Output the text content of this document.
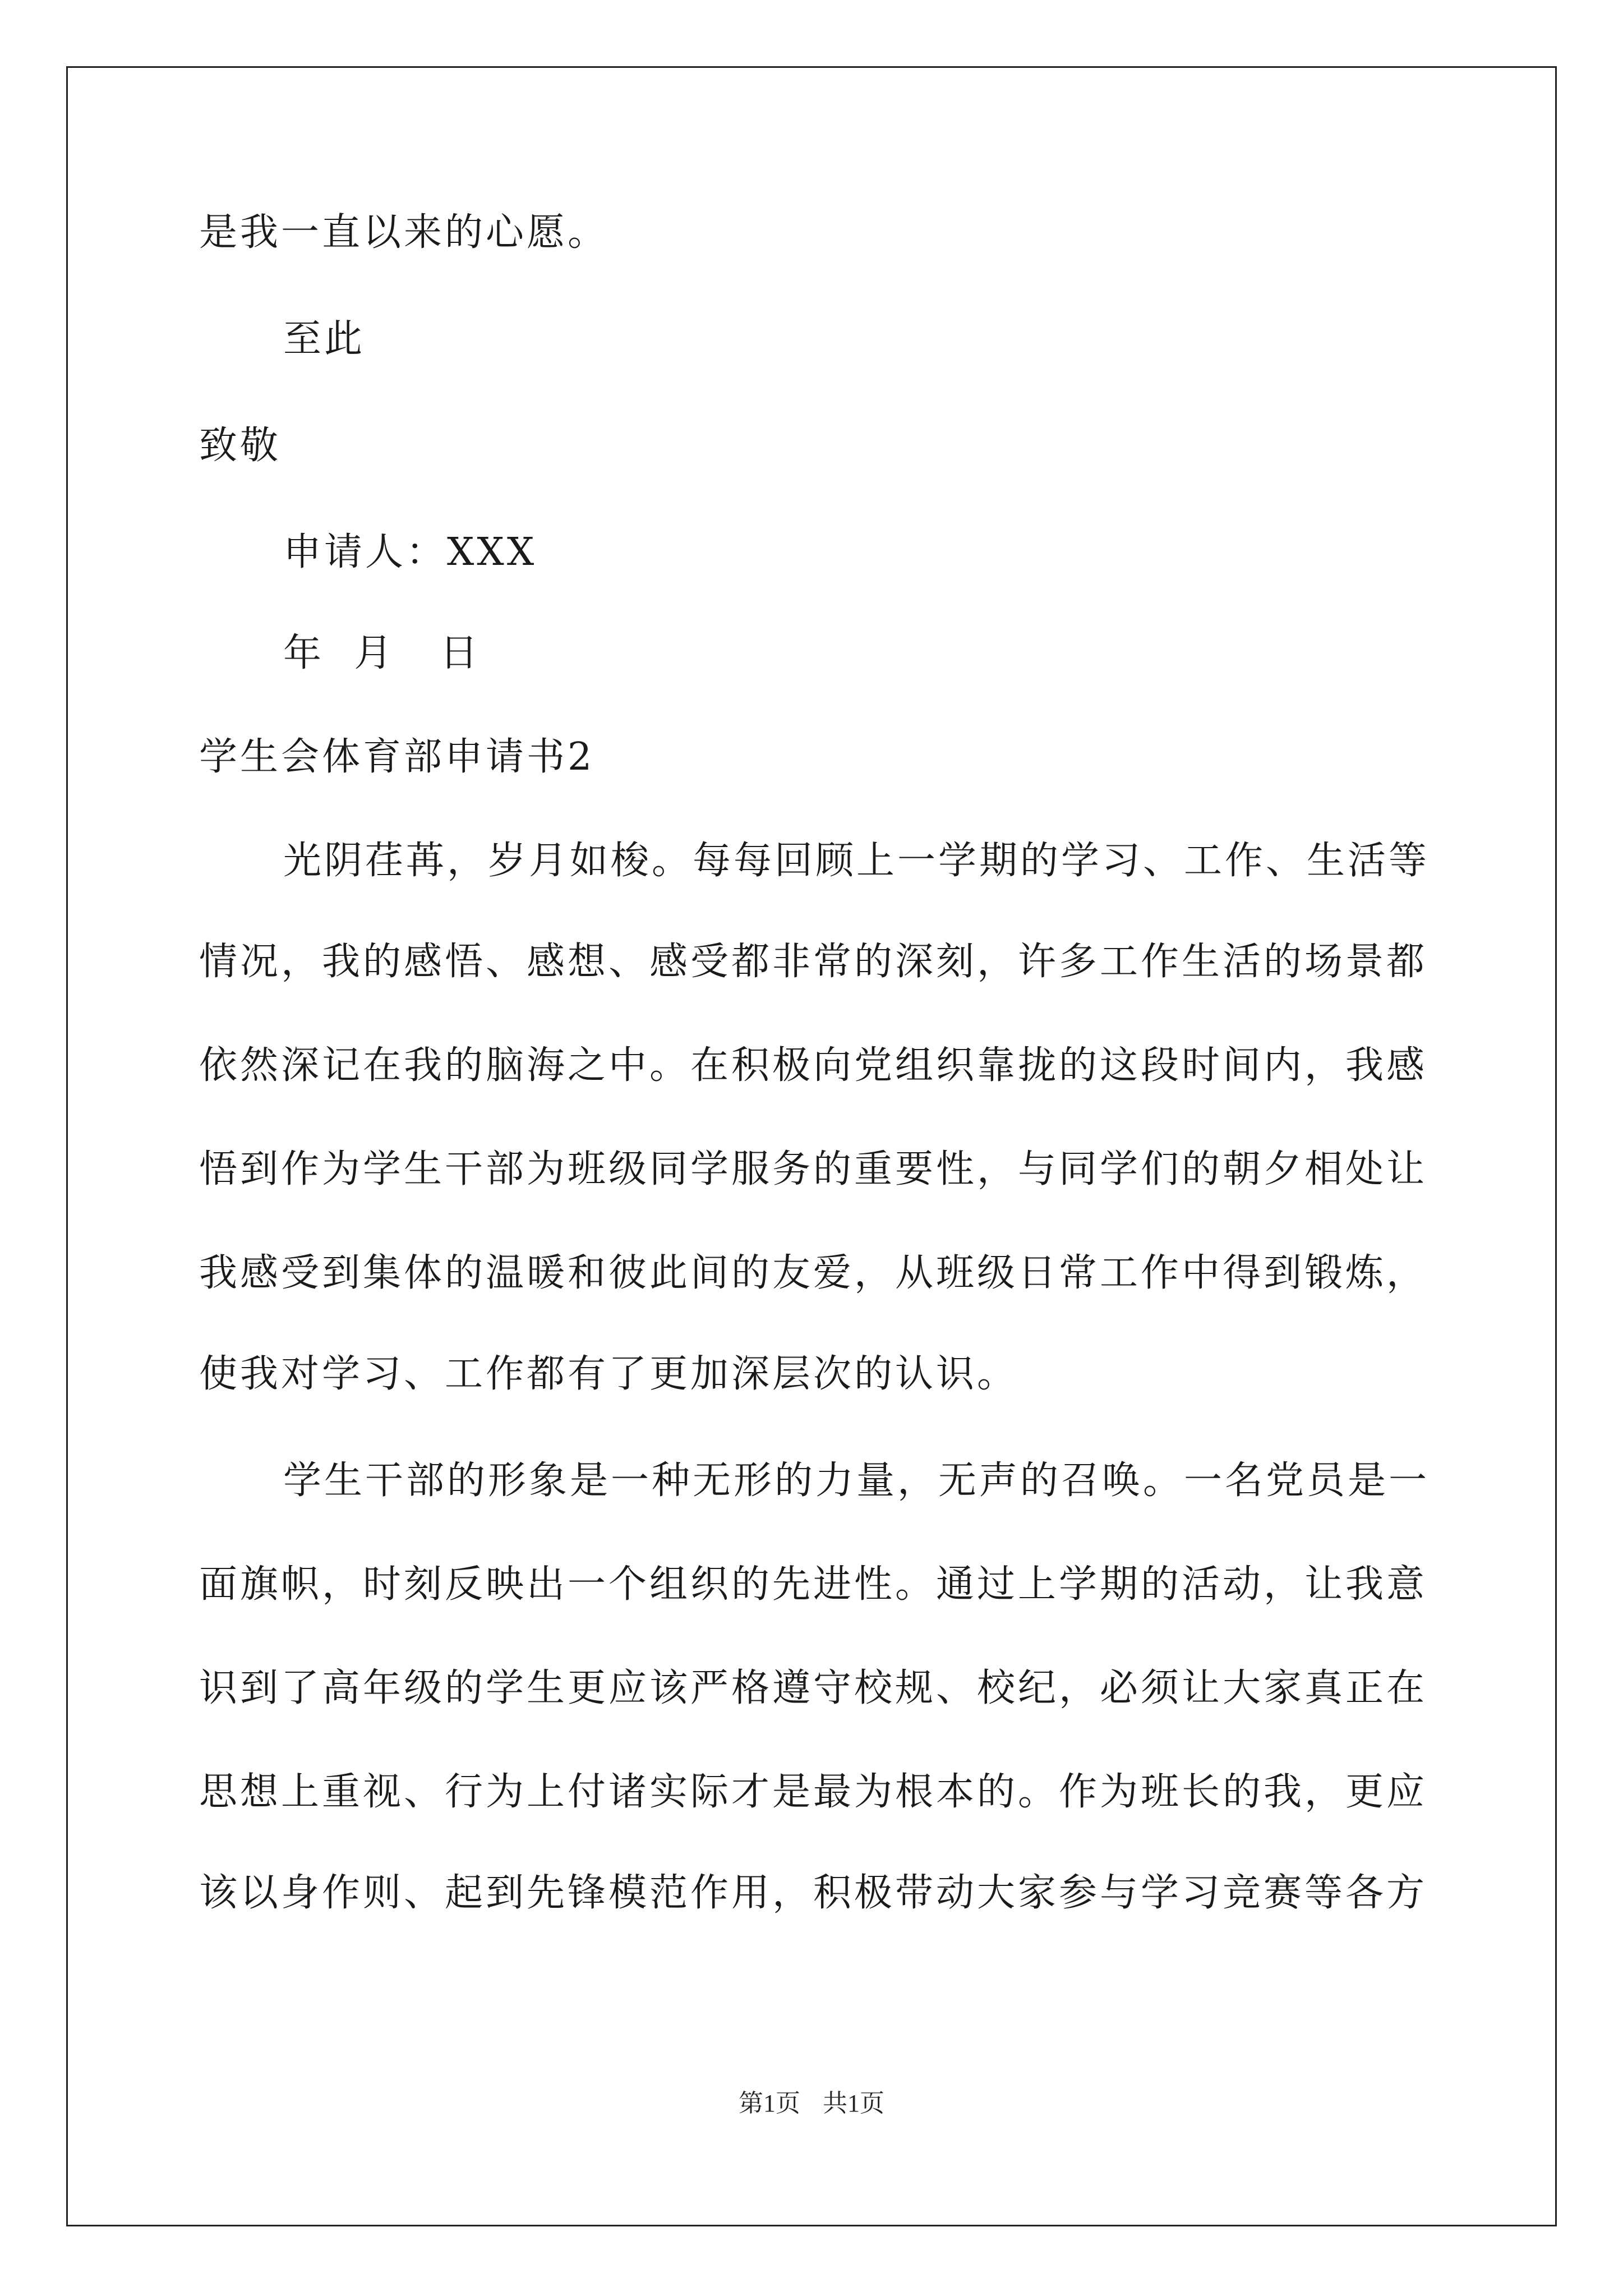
是我一直以来的心愿。
至此
致敬
申请人：XXX
年  月   日
学生会体育部申请书2
光阴荏苒，岁月如梭。每每回顾上一学期的学习、工作、生活等
情况，我的感悟、感想、感受都非常的深刻，许多工作生活的场景都
依然深记在我的脑海之中。在积极向党组织靠拢的这段时间内，我感
悟到作为学生干部为班级同学服务的重要性，与同学们的朝夕相处让
我感受到集体的温暖和彼此间的友爱，从班级日常工作中得到锻炼，
使我对学习、工作都有了更加深层次的认识。
学生干部的形象是一种无形的力量，无声的召唤。一名党员是一
面旗帜，时刻反映出一个组织的先进性。通过上学期的活动，让我意
识到了高年级的学生更应该严格遵守校规、校纪，必须让大家真正在
思想上重视、行为上付诸实际才是最为根本的。作为班长的我，更应
该以身作则、起到先锋模范作用，积极带动大家参与学习竞赛等各方
第1页 共1页
